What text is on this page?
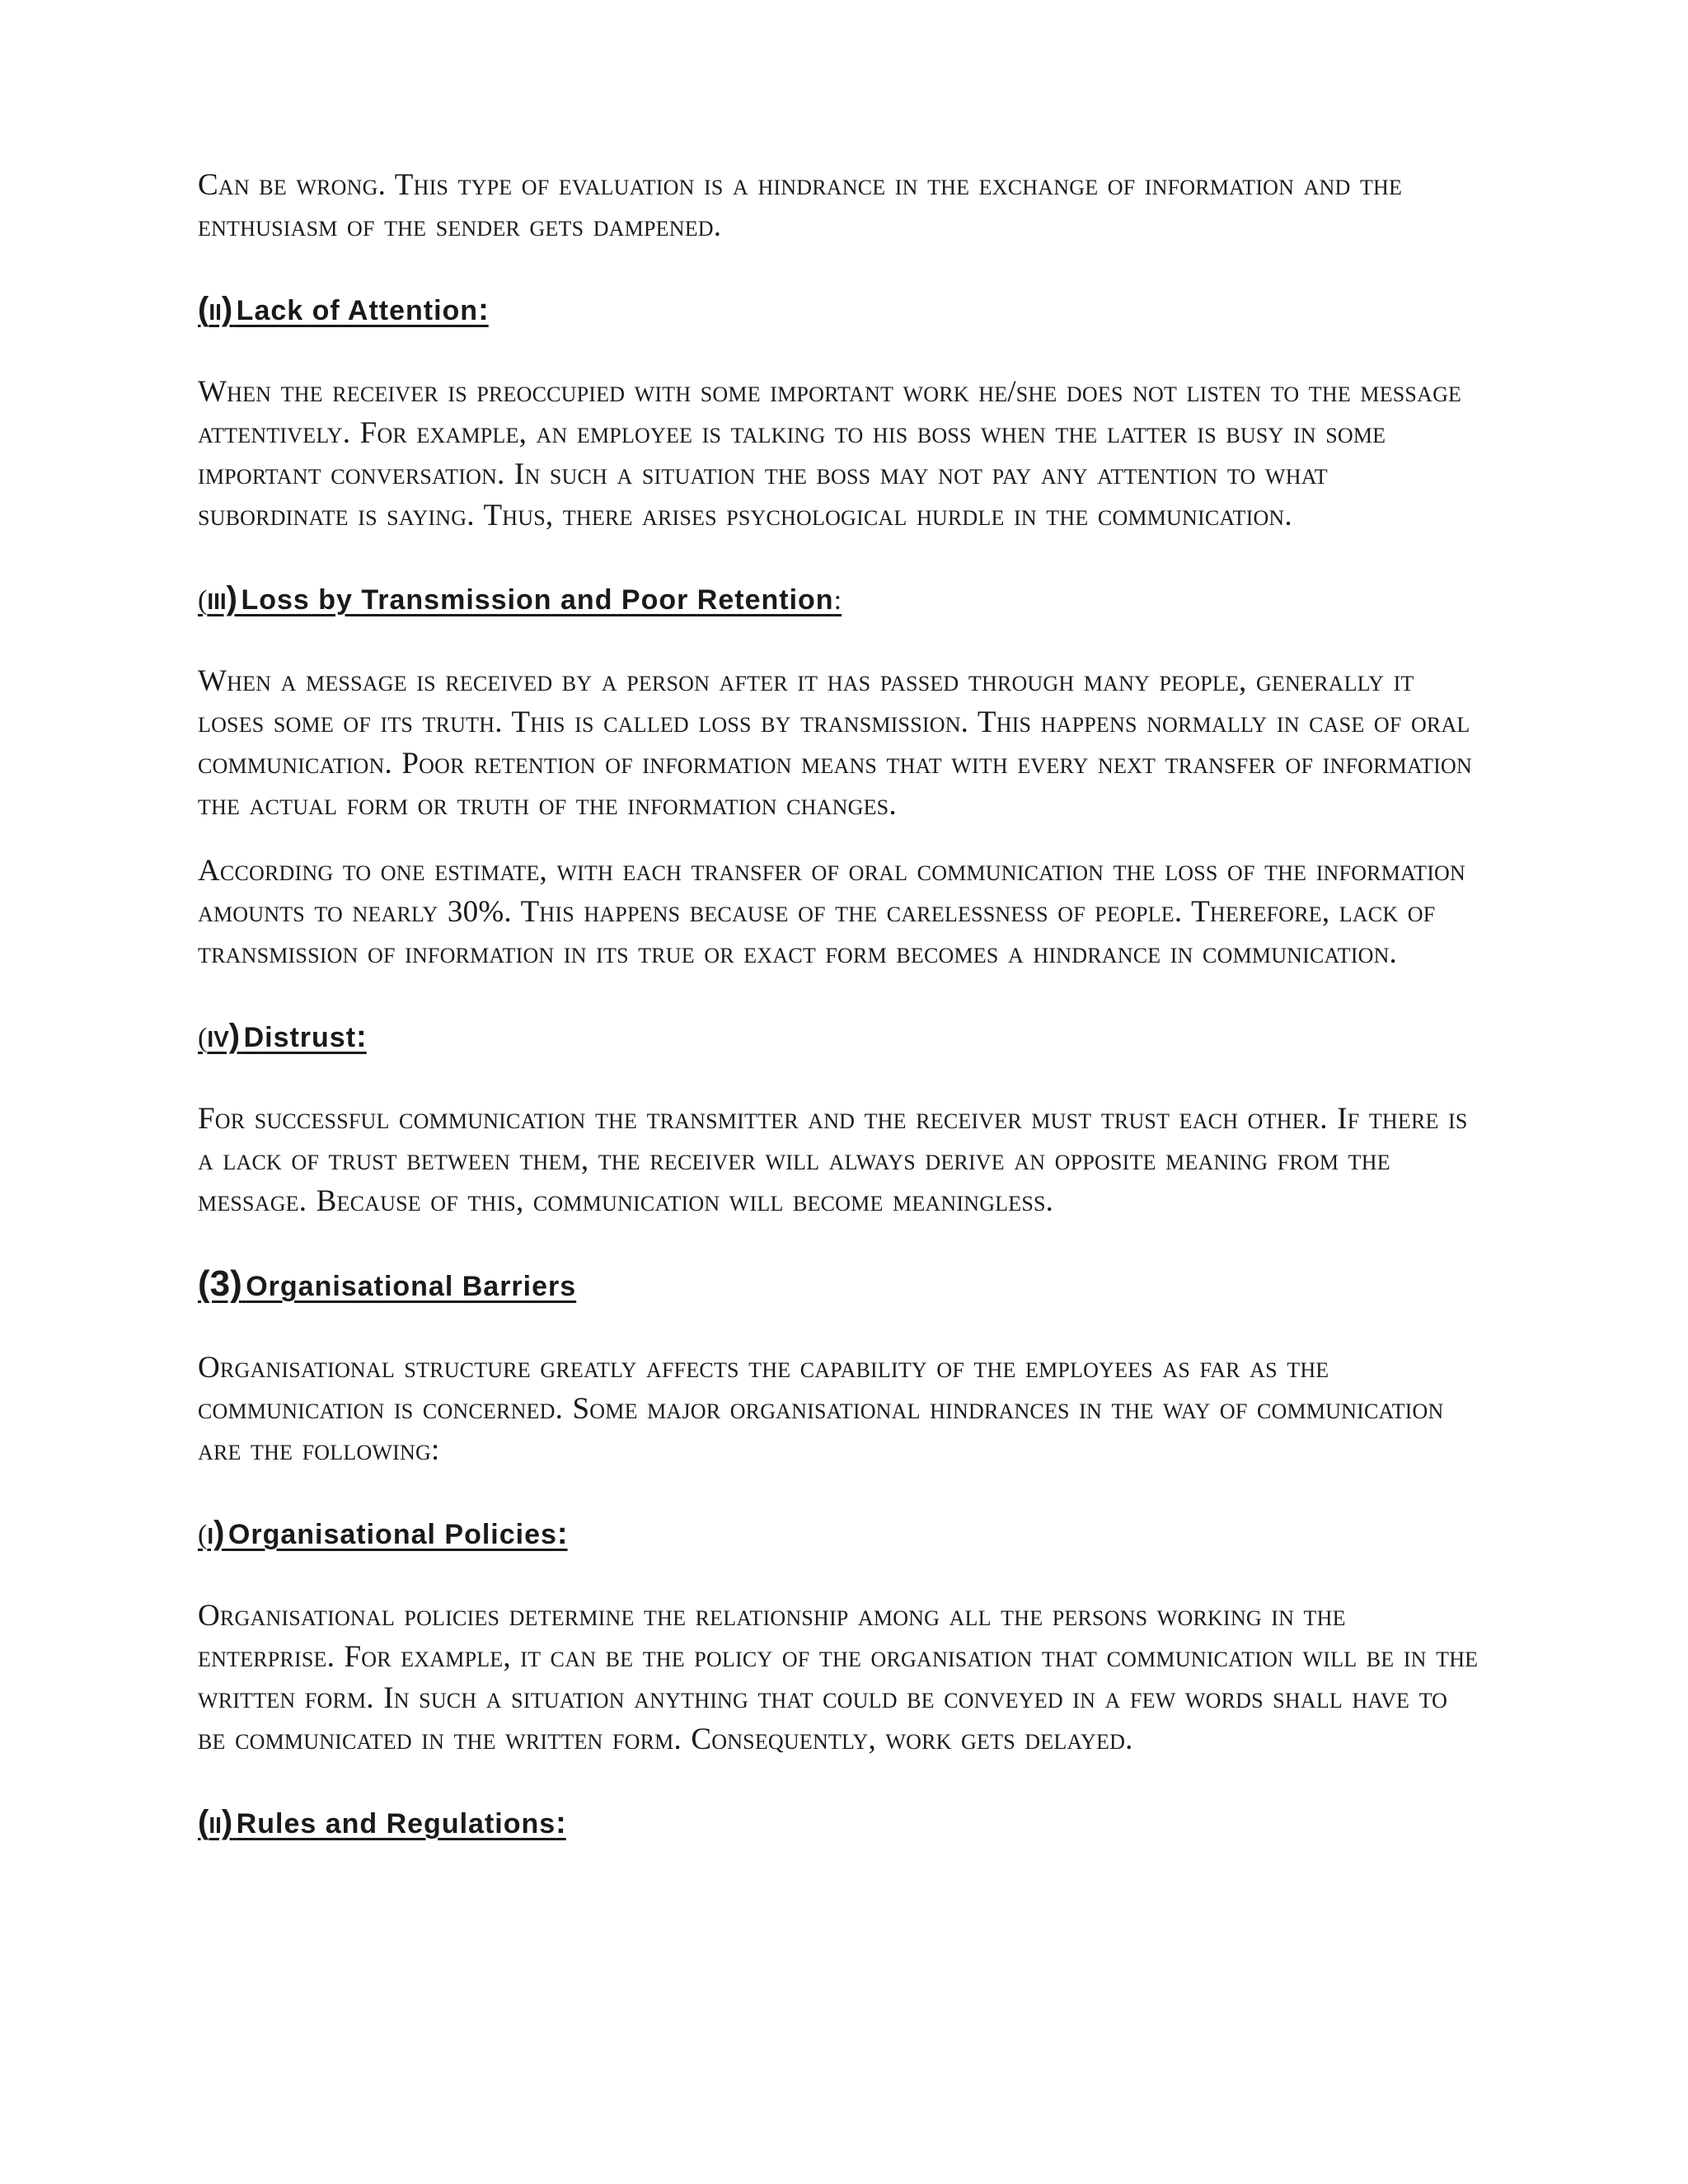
Can be wrong. This type of evaluation is a hindrance in the exchange of information and the enthusiasm of the sender gets dampened.

(ii) Lack of Attention:

When the receiver is preoccupied with some important work he/she does not listen to the message attentively. For example, an employee is talking to his boss when the latter is busy in some important conversation. In such a situation the boss may not pay any attention to what subordinate is saying. Thus, there arises psychological hurdle in the communication.

(iii) Loss by Transmission and Poor Retention:

When a message is received by a person after it has passed through many people, generally it loses some of its truth. This is called loss by transmission. This happens normally in case of oral communication. Poor retention of information means that with every next transfer of information the actual form or truth of the information changes.

According to one estimate, with each transfer of oral communication the loss of the information amounts to nearly 30%. This happens because of the carelessness of people. Therefore, lack of transmission of information in its true or exact form becomes a hindrance in communication.

(iv) Distrust:

For successful communication the transmitter and the receiver must trust each other. If there is a lack of trust between them, the receiver will always derive an opposite meaning from the message. Because of this, communication will become meaningless.

(3) Organisational Barriers

Organisational structure greatly affects the capability of the employees as far as the communication is concerned. Some major organisational hindrances in the way of communication are the following:

(i) Organisational Policies:

Organisational policies determine the relationship among all the persons working in the enterprise. For example, it can be the policy of the organisation that communication will be in the written form. In such a situation anything that could be conveyed in a few words shall have to be communicated in the written form. Consequently, work gets delayed.

(ii) Rules and Regulations:
